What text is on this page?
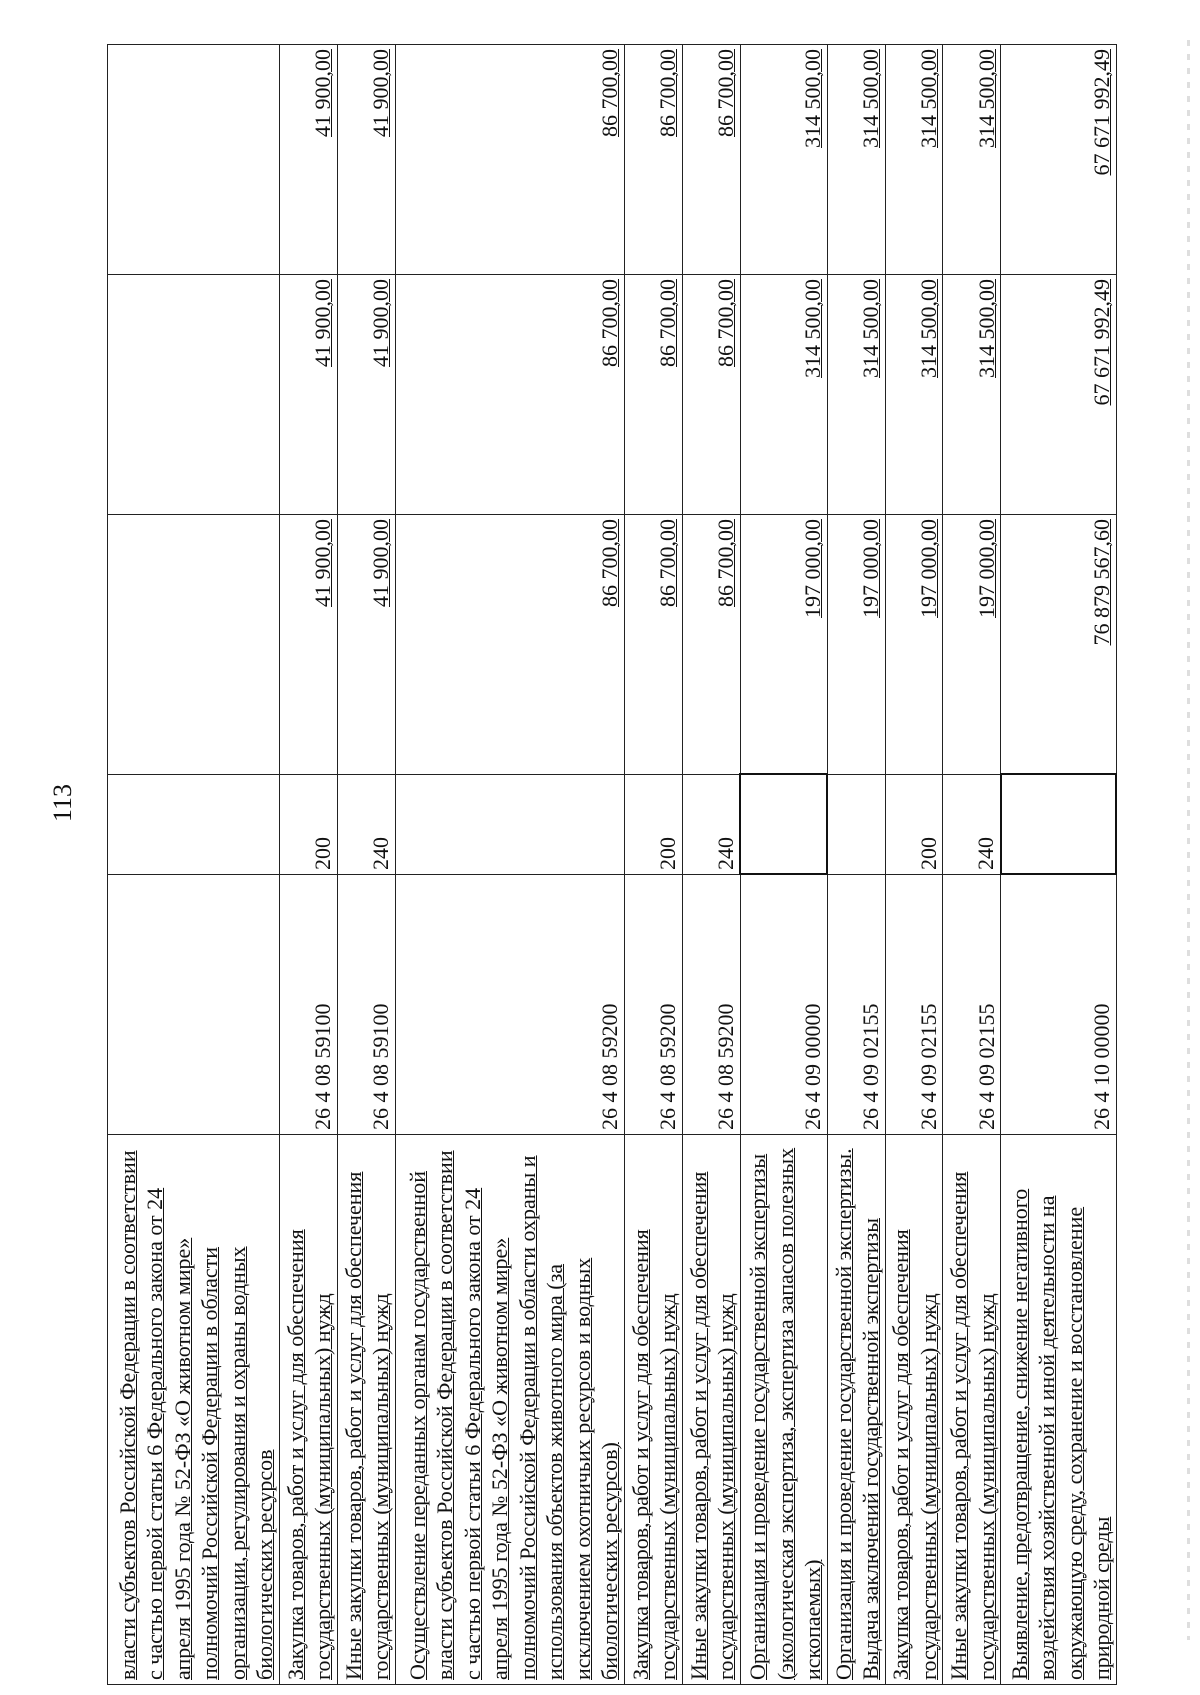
113
власти субъектов Российской Федерации в соответствии с частью первой статьи 6 Федерального закона от 24 апреля 1995 года № 52-ФЗ «О животном мире» полномочий Российской Федерации в области организации, регулирования и охраны водных биологических ресурсов					
Закупка товаров, работ и услуг для обеспечения государственных (муниципальных) нужд	26 4 08 59100	200	41 900,00	41 900,00	41 900,00
Иные закупки товаров, работ и услуг для обеспечения государственных (муниципальных) нужд	26 4 08 59100	240	41 900,00	41 900,00	41 900,00
Осуществление переданных органам государственной власти субъектов Российской Федерации в соответствии с частью первой статьи 6 Федерального закона от 24 апреля 1995 года № 52-ФЗ «О животном мире» полномочий Российской Федерации в области охраны и использования объектов животного мира (за исключением охотничьих ресурсов и водных биологических ресурсов)	26 4 08 59200		86 700,00	86 700,00	86 700,00
Закупка товаров, работ и услуг для обеспечения государственных (муниципальных) нужд	26 4 08 59200	200	86 700,00	86 700,00	86 700,00
Иные закупки товаров, работ и услуг для обеспечения государственных (муниципальных) нужд	26 4 08 59200	240	86 700,00	86 700,00	86 700,00
Организация и проведение государственной экспертизы (экологическая экспертиза, экспертиза запасов полезных ископаемых)	26 4 09 00000		197 000,00	314 500,00	314 500,00
Организация и проведение государственной экспертизы. Выдача заключений государственной экспертизы	26 4 09 02155		197 000,00	314 500,00	314 500,00
Закупка товаров, работ и услуг для обеспечения государственных (муниципальных) нужд	26 4 09 02155	200	197 000,00	314 500,00	314 500,00
Иные закупки товаров, работ и услуг для обеспечения государственных (муниципальных) нужд	26 4 09 02155	240	197 000,00	314 500,00	314 500,00
Выявление, предотвращение, снижение негативного воздействия хозяйственной и иной деятельности на окружающую среду, сохранение и восстановление природной среды	26 4 10 00000		76 879 567,60	67 671 992,49	67 671 992,49
